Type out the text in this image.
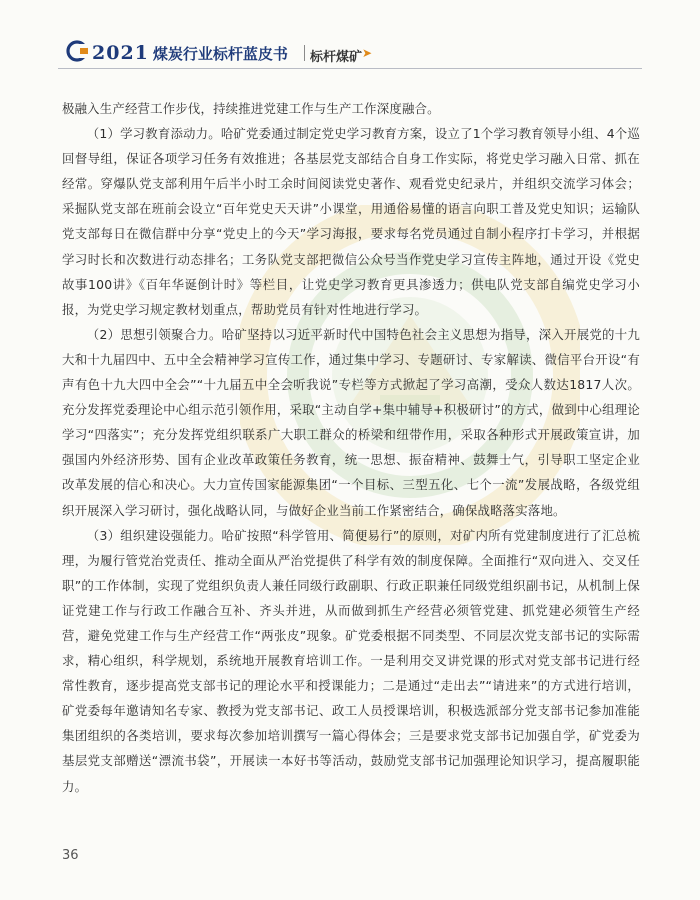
2021 煤炭行业标杆蓝皮书 标杆煤矿 ➤

极融入生产经营工作步伐，持续推进党建工作与生产工作深度融合。

（1）学习教育添动力。哈矿党委通过制定党史学习教育方案，设立了1个学习教育领导小组、4个巡回督导组，保证各项学习任务有效推进；各基层党支部结合自身工作实际，将党史学习融入日常、抓在经常。穿爆队党支部利用午后半小时工余时间阅读党史著作、观看党史纪录片，并组织交流学习体会；采掘队党支部在班前会设立“百年党史天天讲”小课堂，用通俗易懂的语言向职工普及党史知识；运输队党支部每日在微信群中分享“党史上的今天”学习海报，要求每名党员通过自制小程序打卡学习，并根据学习时长和次数进行动态排名；工务队党支部把微信公众号当作党史学习宣传主阵地，通过开设《党史故事100讲》《百年华诞倒计时》等栏目，让党史学习教育更具渗透力；供电队党支部自编党史学习小报，为党史学习规定教材划重点，帮助党员有针对性地进行学习。

（2）思想引领聚合力。哈矿坚持以习近平新时代中国特色社会主义思想为指导，深入开展党的十九大和十九届四中、五中全会精神学习宣传工作，通过集中学习、专题研讨、专家解读、微信平台开设“有声有色十九大四中全会”“十九届五中全会听我说”专栏等方式掀起了学习高潮，受众人数达1817人次。充分发挥党委理论中心组示范引领作用，采取“主动自学+集中辅导+积极研讨”的方式，做到中心组理论学习“四落实”；充分发挥党组织联系广大职工群众的桥梁和纽带作用，采取各种形式开展政策宣讲，加强国内外经济形势、国有企业改革政策任务教育，统一思想、振奋精神、鼓舞士气，引导职工坚定企业改革发展的信心和决心。大力宣传国家能源集团“一个目标、三型五化、七个一流”发展战略，各级党组织开展深入学习研讨，强化战略认同，与做好企业当前工作紧密结合，确保战略落实落地。

（3）组织建设强能力。哈矿按照“科学管用、简便易行”的原则，对矿内所有党建制度进行了汇总梳理，为履行管党治党责任、推动全面从严治党提供了科学有效的制度保障。全面推行“双向进入、交叉任职”的工作体制，实现了党组织负责人兼任同级行政副职、行政正职兼任同级党组织副书记，从机制上保证党建工作与行政工作融合互补、齐头并进，从而做到抓生产经营必须管党建、抓党建必须管生产经营，避免党建工作与生产经营工作“两张皮”现象。矿党委根据不同类型、不同层次党支部书记的实际需求，精心组织，科学规划，系统地开展教育培训工作。一是利用交叉讲党课的形式对党支部书记进行经常性教育，逐步提高党支部书记的理论水平和授课能力；二是通过“走出去”“请进来”的方式进行培训，矿党委每年邀请知名专家、教授为党支部书记、政工人员授课培训，积极选派部分党支部书记参加准能集团组织的各类培训，要求每次参加培训撰写一篇心得体会；三是要求党支部书记加强自学，矿党委为基层党支部赠送“漂流书袋”，开展读一本好书等活动，鼓励党支部书记加强理论知识学习，提高履职能力。

36
